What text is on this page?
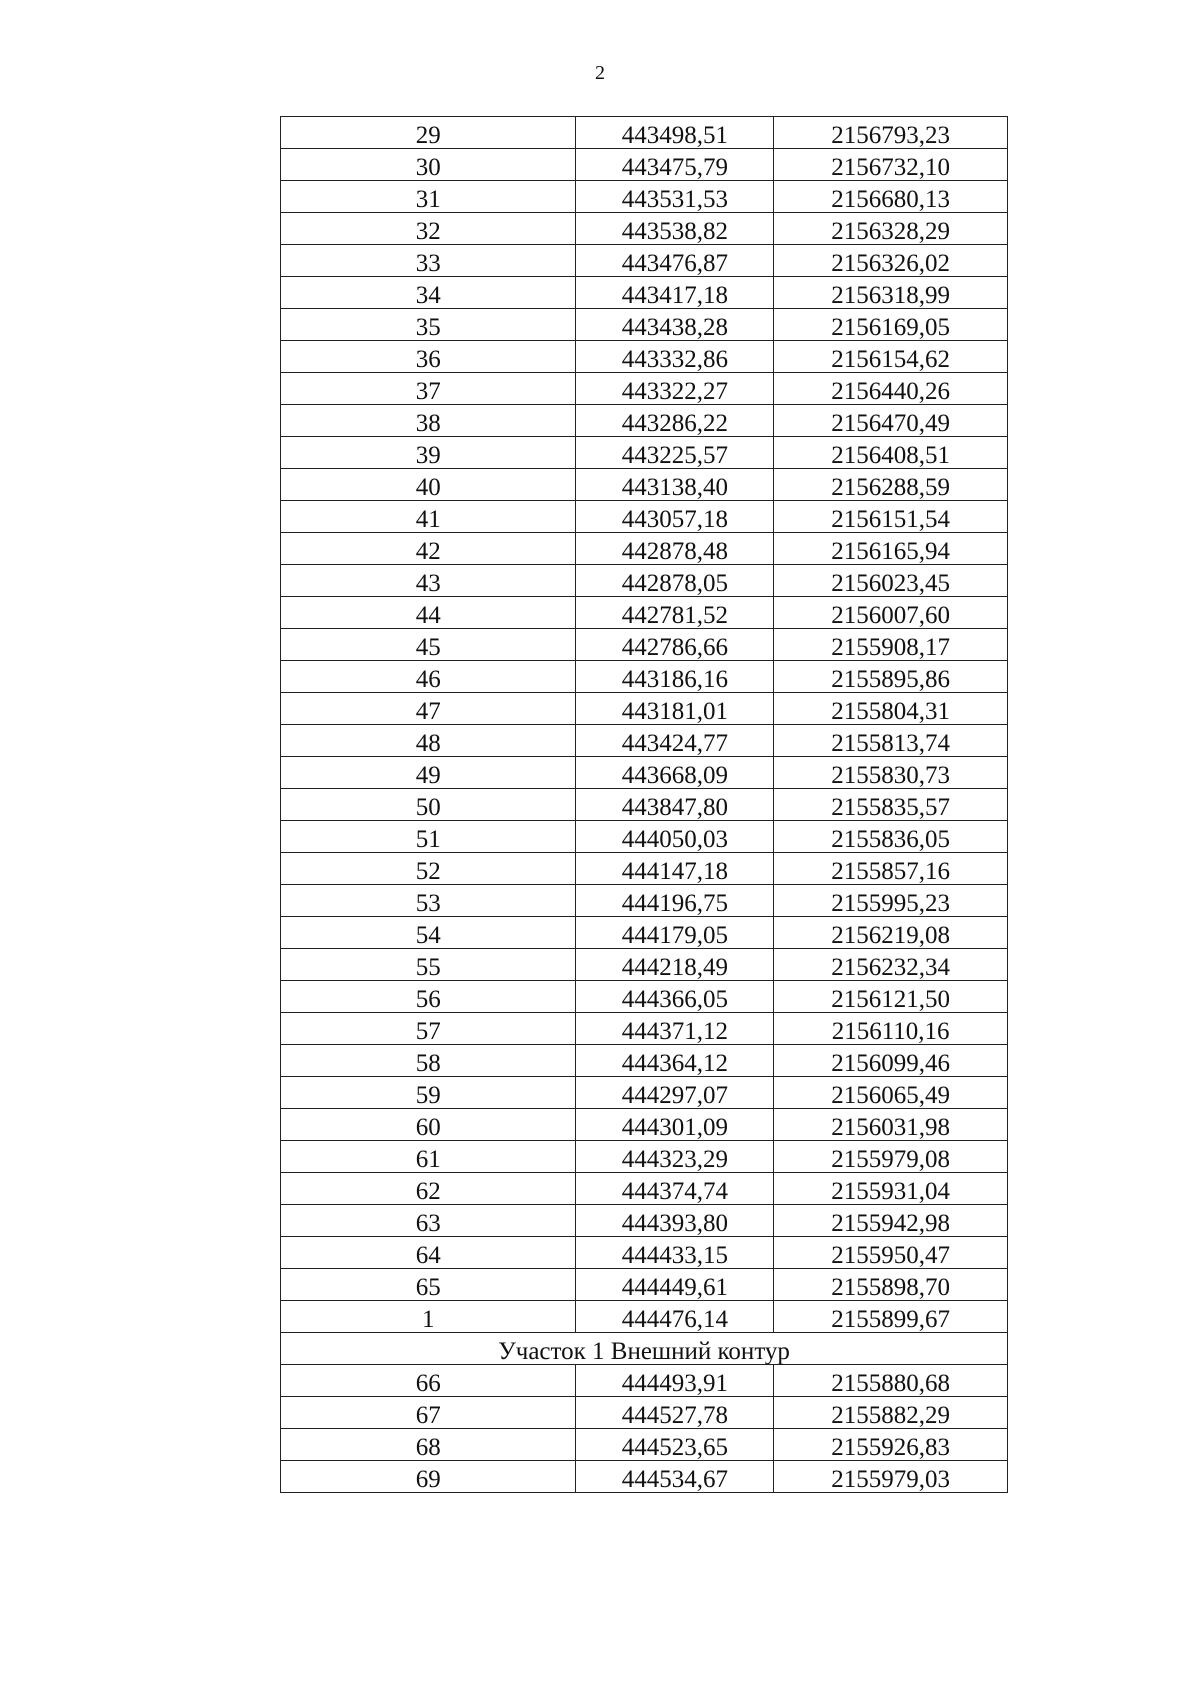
2
29	443498,51	2156793,23
30	443475,79	2156732,10
31	443531,53	2156680,13
32	443538,82	2156328,29
33	443476,87	2156326,02
34	443417,18	2156318,99
35	443438,28	2156169,05
36	443332,86	2156154,62
37	443322,27	2156440,26
38	443286,22	2156470,49
39	443225,57	2156408,51
40	443138,40	2156288,59
41	443057,18	2156151,54
42	442878,48	2156165,94
43	442878,05	2156023,45
44	442781,52	2156007,60
45	442786,66	2155908,17
46	443186,16	2155895,86
47	443181,01	2155804,31
48	443424,77	2155813,74
49	443668,09	2155830,73
50	443847,80	2155835,57
51	444050,03	2155836,05
52	444147,18	2155857,16
53	444196,75	2155995,23
54	444179,05	2156219,08
55	444218,49	2156232,34
56	444366,05	2156121,50
57	444371,12	2156110,16
58	444364,12	2156099,46
59	444297,07	2156065,49
60	444301,09	2156031,98
61	444323,29	2155979,08
62	444374,74	2155931,04
63	444393,80	2155942,98
64	444433,15	2155950,47
65	444449,61	2155898,70
1	444476,14	2155899,67
Участок 1 Внешний контур		
66	444493,91	2155880,68
67	444527,78	2155882,29
68	444523,65	2155926,83
69	444534,67	2155979,03
